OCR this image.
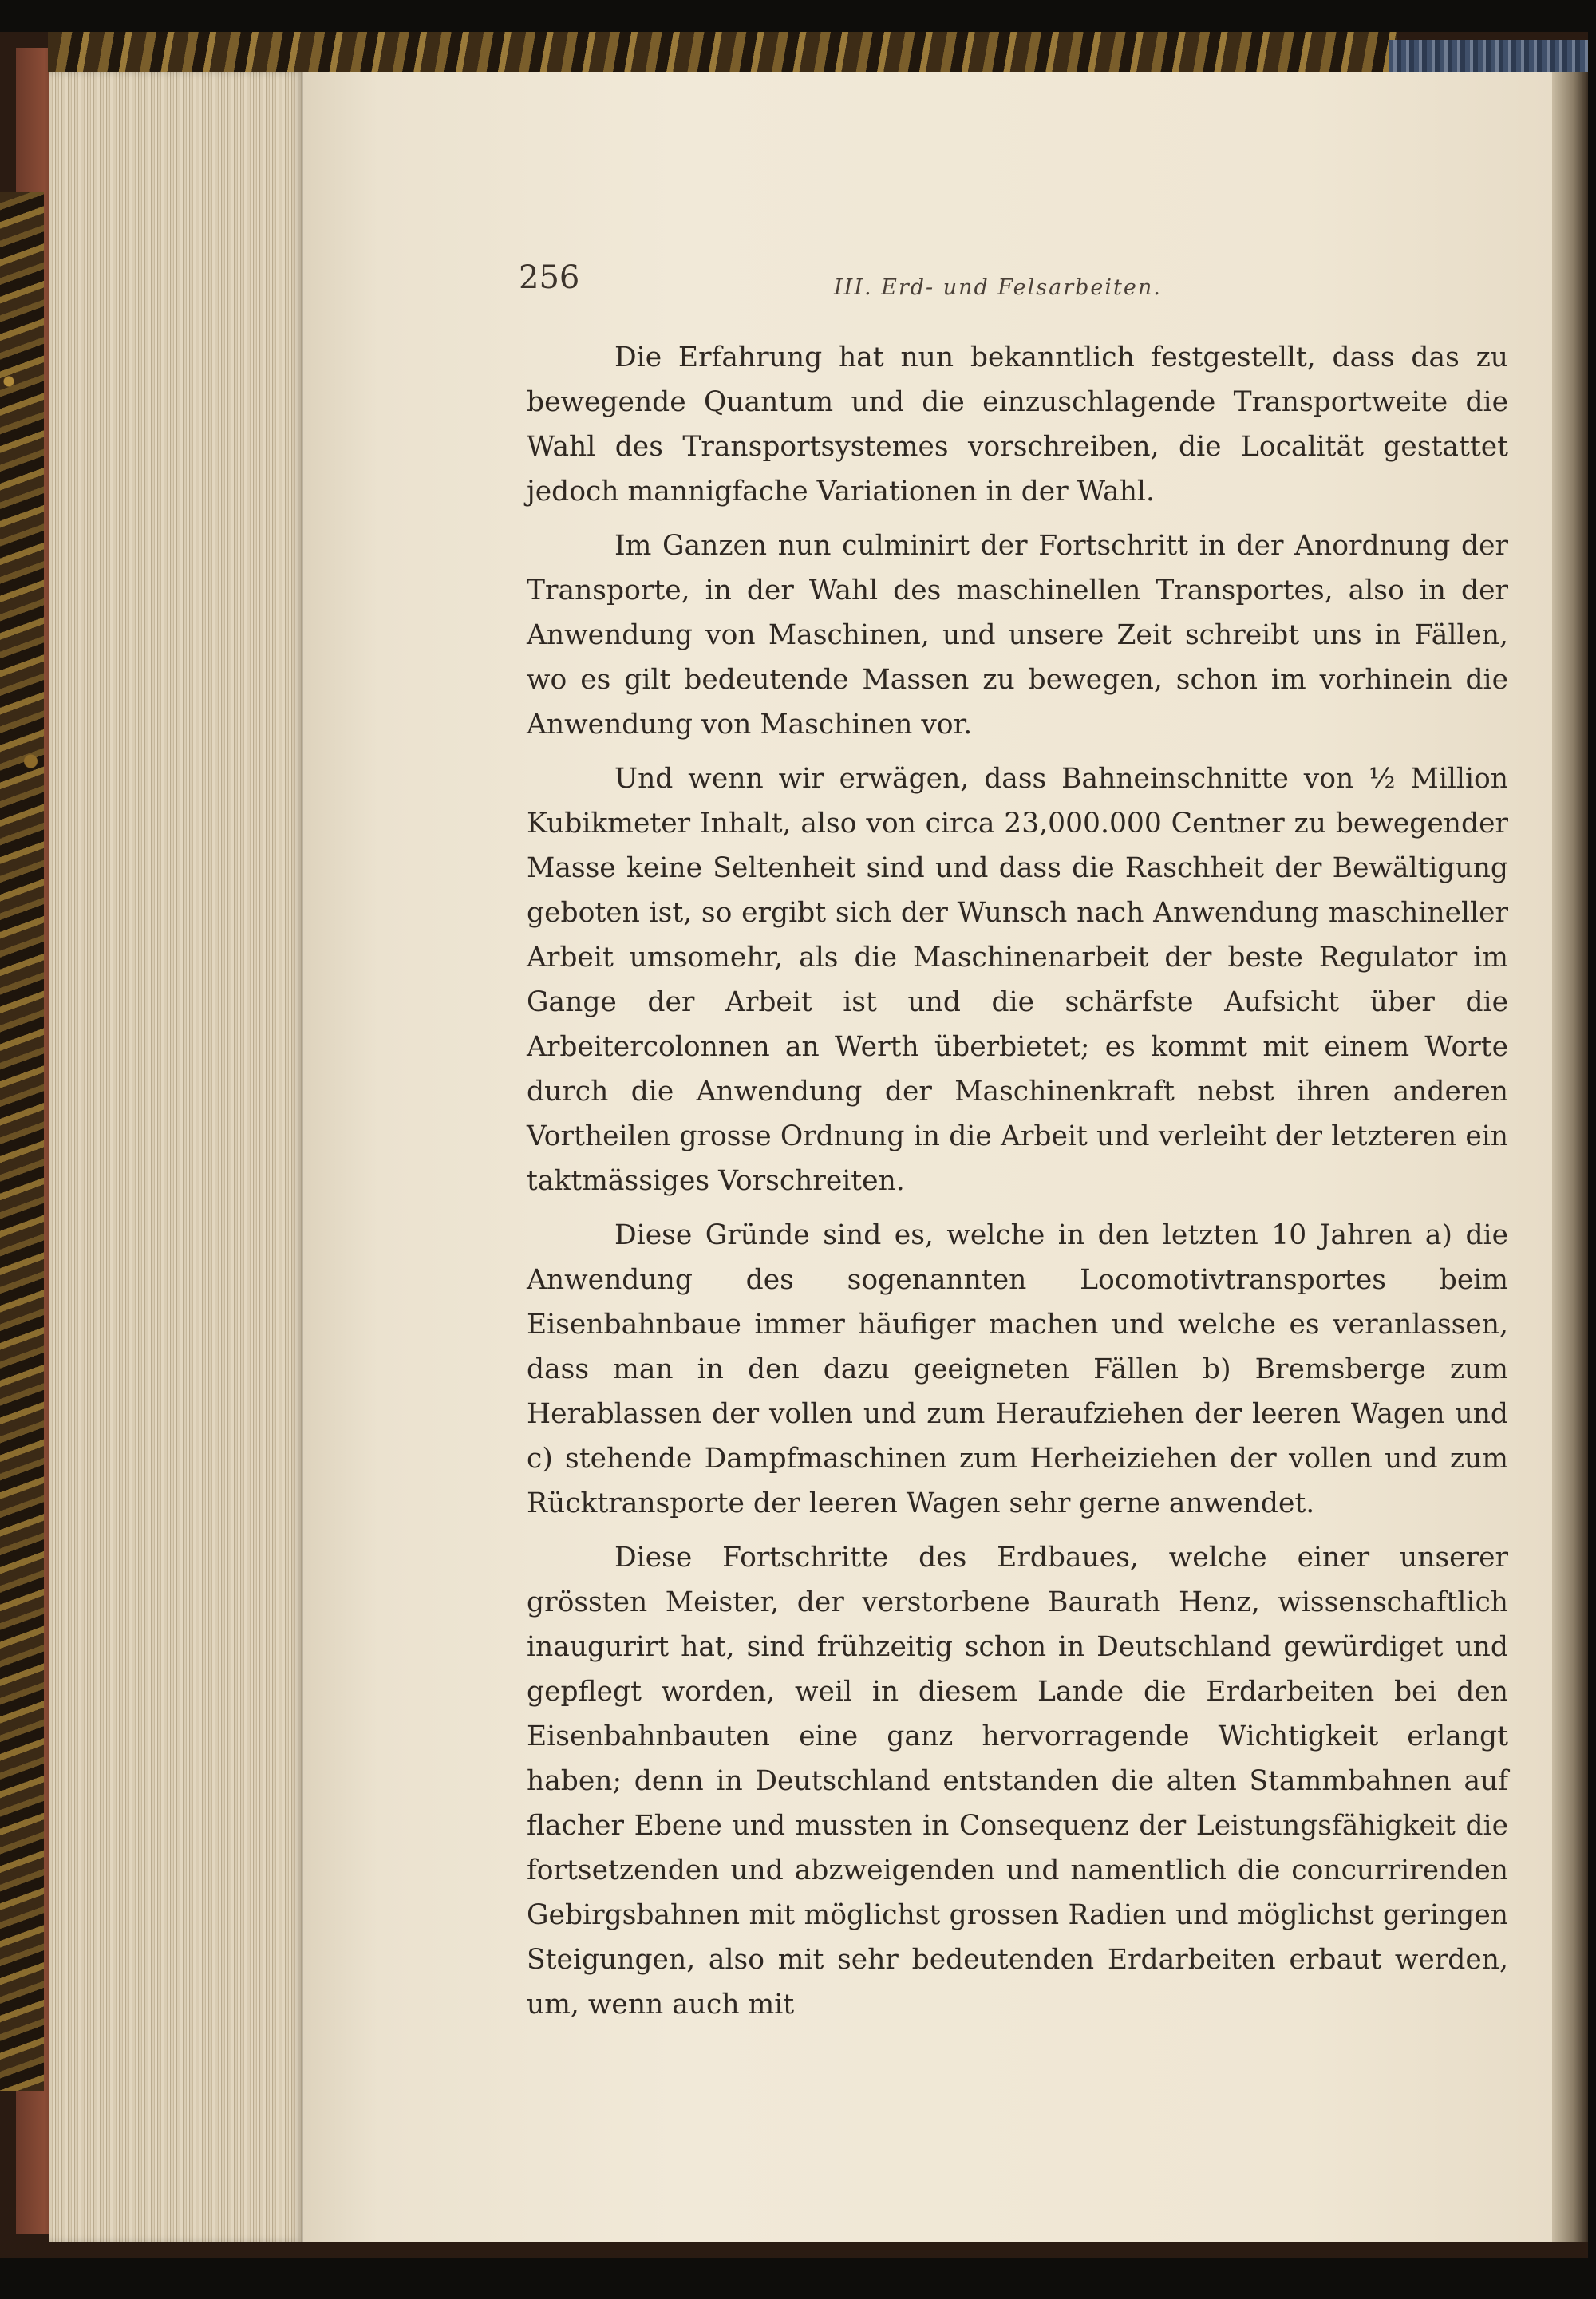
256	III. Erd- und Felsarbeiten.

Die Erfahrung hat nun bekanntlich festgestellt, dass das zu bewegende Quantum und die einzuschlagende Transportweite die Wahl des Transportsystemes vorschreiben, die Localität gestattet jedoch mannigfache Variationen in der Wahl.

Im Ganzen nun culminirt der Fortschritt in der Anordnung der Transporte, in der Wahl des maschinellen Transportes, also in der Anwendung von Maschinen, und unsere Zeit schreibt uns in Fällen, wo es gilt bedeutende Massen zu bewegen, schon im vorhinein die Anwendung von Maschinen vor.

Und wenn wir erwägen, dass Bahneinschnitte von ½ Million Kubikmeter Inhalt, also von circa 23,000.000 Centner zu bewegender Masse keine Seltenheit sind und dass die Raschheit der Bewältigung geboten ist, so ergibt sich der Wunsch nach Anwendung maschineller Arbeit umsomehr, als die Maschinenarbeit der beste Regulator im Gange der Arbeit ist und die schärfste Aufsicht über die Arbeitercolonnen an Werth überbietet; es kommt mit einem Worte durch die Anwendung der Maschinenkraft nebst ihren anderen Vortheilen grosse Ordnung in die Arbeit und verleiht der letzteren ein taktmässiges Vorschreiten.

Diese Gründe sind es, welche in den letzten 10 Jahren a) die Anwendung des sogenannten Locomotivtransportes beim Eisenbahnbaue immer häufiger machen und welche es veranlassen, dass man in den dazu geeigneten Fällen b) Bremsberge zum Herablassen der vollen und zum Heraufziehen der leeren Wagen und c) stehende Dampfmaschinen zum Herheiziehen der vollen und zum Rücktransporte der leeren Wagen sehr gerne anwendet.

Diese Fortschritte des Erdbaues, welche einer unserer grössten Meister, der verstorbene Baurath Henz, wissenschaftlich inaugurirt hat, sind frühzeitig schon in Deutschland gewürdiget und gepflegt worden, weil in diesem Lande die Erdarbeiten bei den Eisenbahnbauten eine ganz hervorragende Wichtigkeit erlangt haben; denn in Deutschland entstanden die alten Stammbahnen auf flacher Ebene und mussten in Consequenz der Leistungsfähigkeit die fortsetzenden und abzweigenden und namentlich die concurrirenden Gebirgsbahnen mit möglichst grossen Radien und möglichst geringen Steigungen, also mit sehr bedeutenden Erdarbeiten erbaut werden, um, wenn auch mit
